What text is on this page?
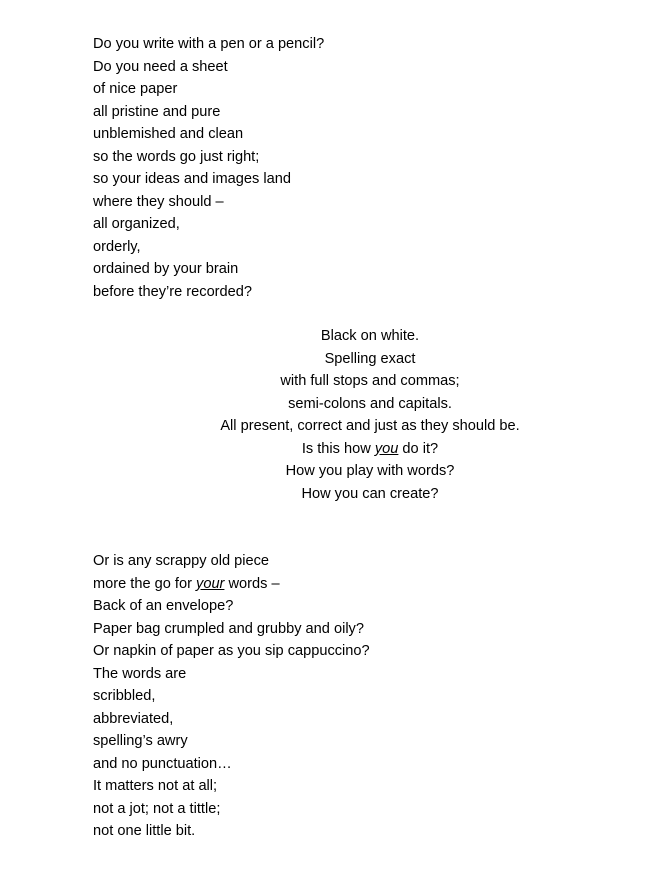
Do you write with a pen or a pencil?
Do you need a sheet
of nice paper
all pristine and pure
unblemished and clean
so the words go just right;
so your ideas and images land
where they should –
all organized,
orderly,
ordained by your brain
before they’re recorded?
Black on white.
Spelling exact
with full stops and commas;
semi-colons and capitals.
All present, correct and just as they should be.
Is this how you do it?
How you play with words?
How you can create?
Or is any scrappy old piece
more the go for your words –
Back of an envelope?
Paper bag crumpled and grubby and oily?
Or napkin of paper as you sip cappuccino?
The words are
scribbled,
abbreviated,
spelling’s awry
and no punctuation…
It matters not at all;
not a jot; not a tittle;
not one little bit.
